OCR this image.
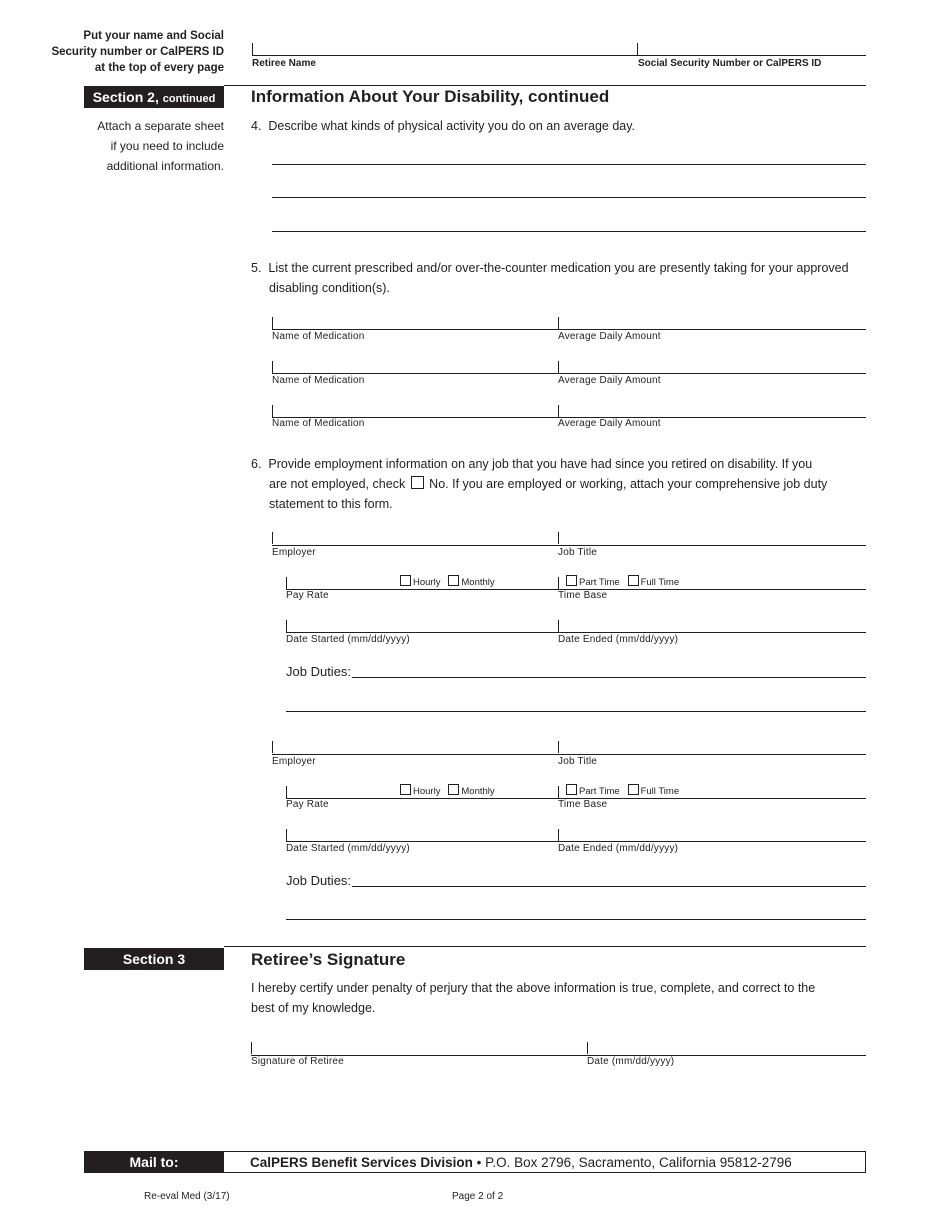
Put your name and Social
Security number or CalPERS ID
at the top of every page	Retiree Name	Social Security Number or CalPERS ID
Section 2, continued	Information About Your Disability, continued
Attach a separate sheet
if you need to include
additional information.
4. Describe what kinds of physical activity you do on an average day.
5. List the current prescribed and/or over-the-counter medication you are presently taking for your approved
disabling condition(s).
Name of Medication	Average Daily Amount
Name of Medication	Average Daily Amount
Name of Medication	Average Daily Amount
6. Provide employment information on any job that you have had since you retired on disability. If you
are not employed, check No. If you are employed or working, attach your comprehensive job duty
statement to this form.
Employer	Job Title
Hourly Monthly	Part Time Full Time
Pay Rate	Time Base
Date Started (mm/dd/yyyy)	Date Ended (mm/dd/yyyy)
Job Duties:
Employer	Job Title
Hourly Monthly	Part Time Full Time
Pay Rate	Time Base
Date Started (mm/dd/yyyy)	Date Ended (mm/dd/yyyy)
Job Duties:
Section 3	Retiree’s Signature
I hereby certify under penalty of perjury that the above information is true, complete, and correct to the
best of my knowledge.
Signature of Retiree	Date (mm/dd/yyyy)
Mail to:	CalPERS Benefit Services Division • P.O. Box 2796, Sacramento, California 95812-2796
Re-eval Med (3/17)	Page 2 of 2
